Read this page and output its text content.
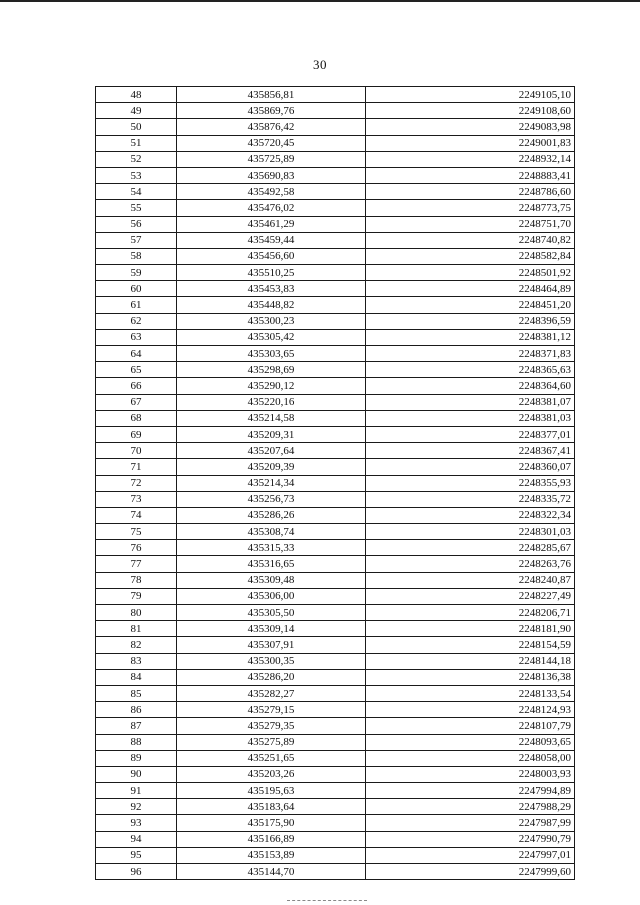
30
48	435856,81	2249105,10
49	435869,76	2249108,60
50	435876,42	2249083,98
51	435720,45	2249001,83
52	435725,89	2248932,14
53	435690,83	2248883,41
54	435492,58	2248786,60
55	435476,02	2248773,75
56	435461,29	2248751,70
57	435459,44	2248740,82
58	435456,60	2248582,84
59	435510,25	2248501,92
60	435453,83	2248464,89
61	435448,82	2248451,20
62	435300,23	2248396,59
63	435305,42	2248381,12
64	435303,65	2248371,83
65	435298,69	2248365,63
66	435290,12	2248364,60
67	435220,16	2248381,07
68	435214,58	2248381,03
69	435209,31	2248377,01
70	435207,64	2248367,41
71	435209,39	2248360,07
72	435214,34	2248355,93
73	435256,73	2248335,72
74	435286,26	2248322,34
75	435308,74	2248301,03
76	435315,33	2248285,67
77	435316,65	2248263,76
78	435309,48	2248240,87
79	435306,00	2248227,49
80	435305,50	2248206,71
81	435309,14	2248181,90
82	435307,91	2248154,59
83	435300,35	2248144,18
84	435286,20	2248136,38
85	435282,27	2248133,54
86	435279,15	2248124,93
87	435279,35	2248107,79
88	435275,89	2248093,65
89	435251,65	2248058,00
90	435203,26	2248003,93
91	435195,63	2247994,89
92	435183,64	2247988,29
93	435175,90	2247987,99
94	435166,89	2247990,79
95	435153,89	2247997,01
96	435144,70	2247999,60
